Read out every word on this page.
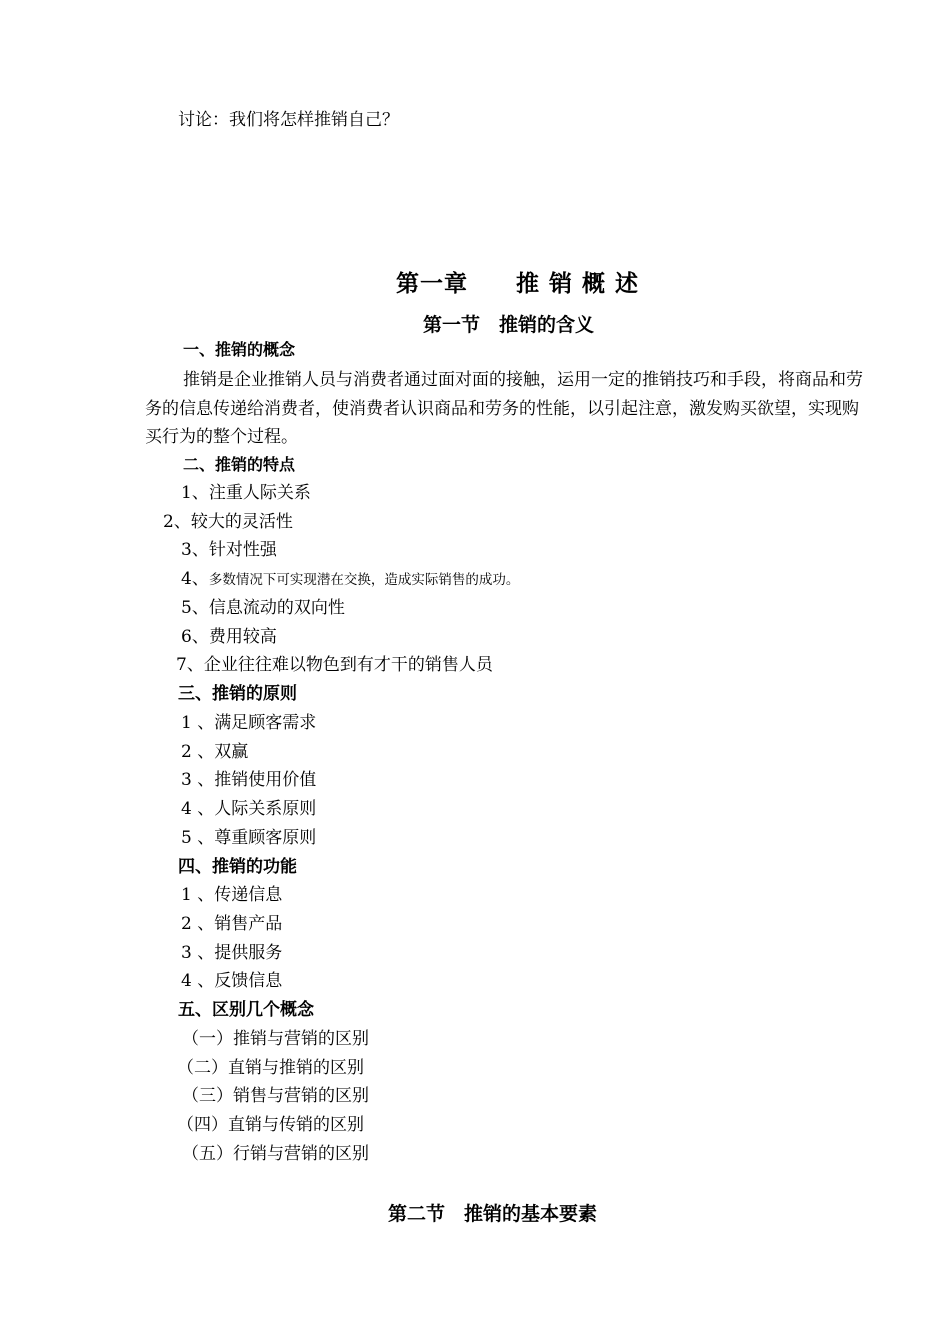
讨论：我们将怎样推销自己？
第一章　　推 销 概 述
第一节　推销的含义
一、推销的概念
推销是企业推销人员与消费者通过面对面的接触，运用一定的推销技巧和手段，将商品和劳务的信息传递给消费者，使消费者认识商品和劳务的性能，以引起注意，激发购买欲望，实现购买行为的整个过程。
二、推销的特点
1、注重人际关系
2、较大的灵活性
3、针对性强
4、多数情况下可实现潜在交换，造成实际销售的成功。
5、信息流动的双向性
6、费用较高
7、企业往往难以物色到有才干的销售人员
三、推销的原则
1 、满足顾客需求
2 、双赢
3 、推销使用价值
4 、人际关系原则
5 、尊重顾客原则
四、推销的功能
1 、传递信息
2 、销售产品
3 、提供服务
4 、反馈信息
五、区别几个概念
（一）推销与营销的区别
（二）直销与推销的区别
（三）销售与营销的区别
（四）直销与传销的区别
（五）行销与营销的区别
第二节　推销的基本要素
